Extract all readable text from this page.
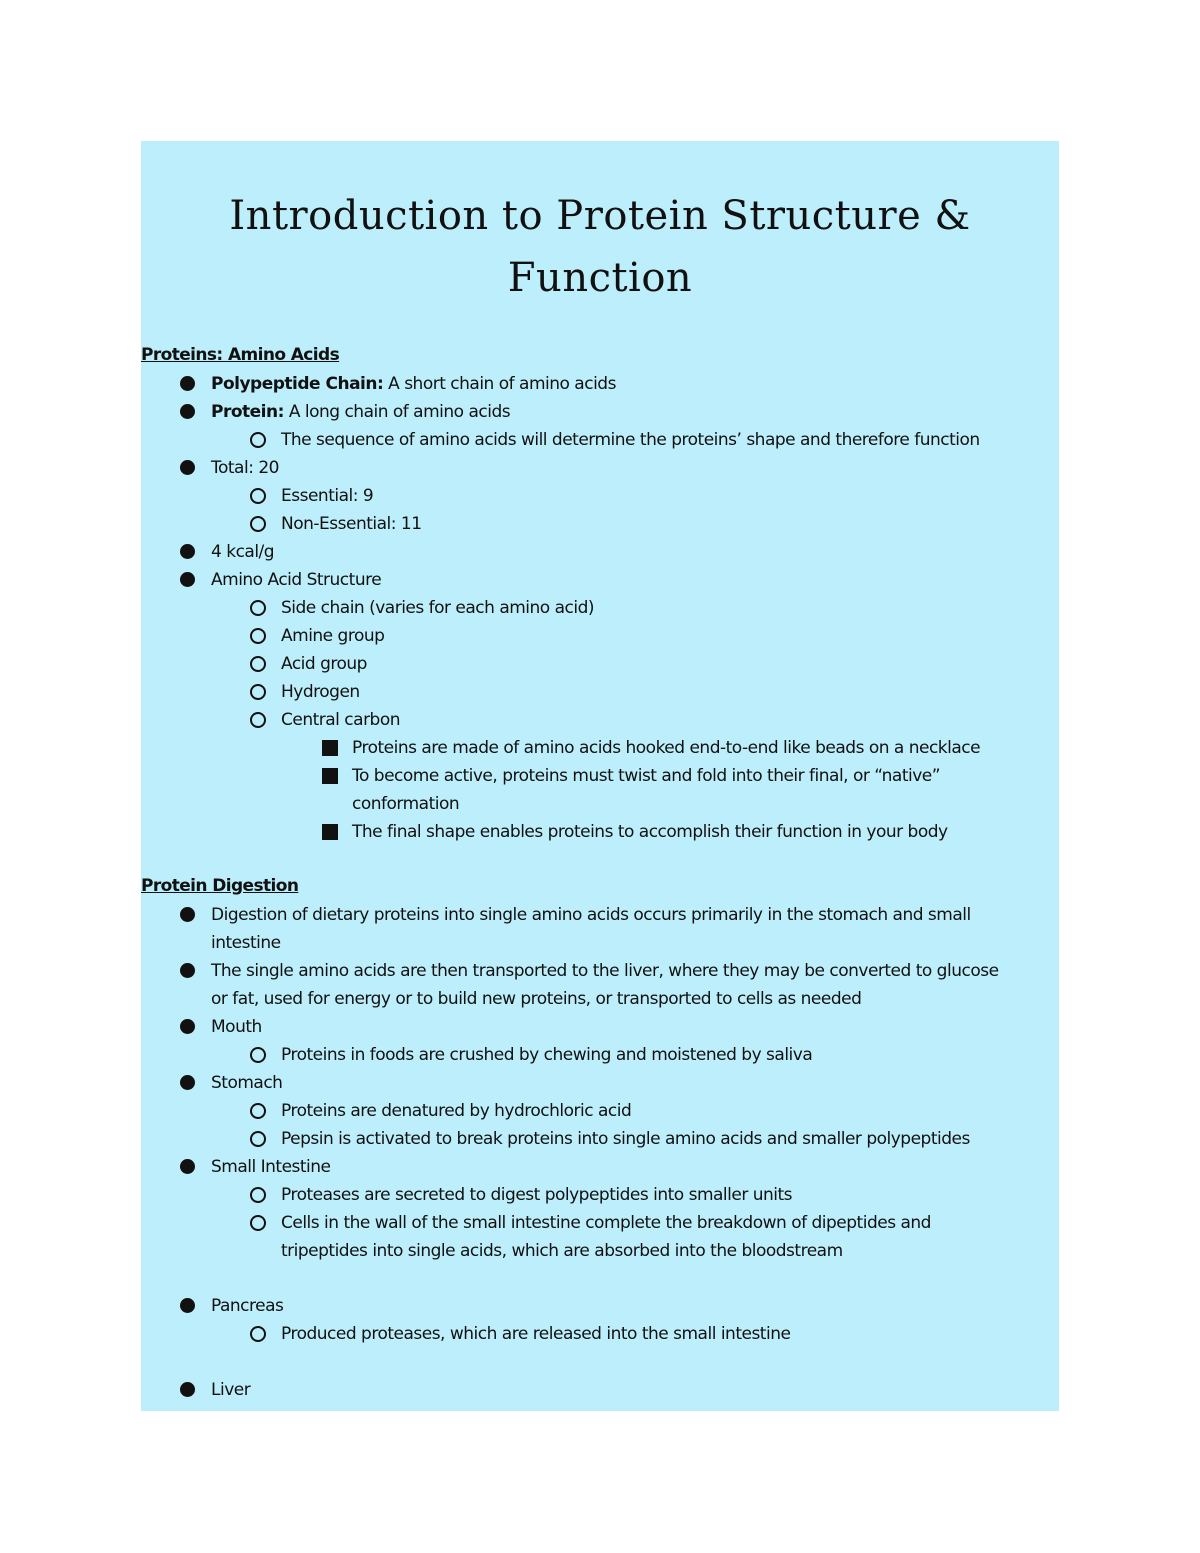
Introduction to Protein Structure &
Function
Proteins: Amino Acids
Polypeptide Chain: A short chain of amino acids
Protein: A long chain of amino acids
The sequence of amino acids will determine the proteins’ shape and therefore function
Total: 20
Essential: 9
Non-Essential: 11
4 kcal/g
Amino Acid Structure
Side chain (varies for each amino acid)
Amine group
Acid group
Hydrogen
Central carbon
Proteins are made of amino acids hooked end-to-end like beads on a necklace
To become active, proteins must twist and fold into their final, or “native”
conformation
The final shape enables proteins to accomplish their function in your body
Protein Digestion
Digestion of dietary proteins into single amino acids occurs primarily in the stomach and small
intestine
The single amino acids are then transported to the liver, where they may be converted to glucose
or fat, used for energy or to build new proteins, or transported to cells as needed
Mouth
Proteins in foods are crushed by chewing and moistened by saliva
Stomach
Proteins are denatured by hydrochloric acid
Pepsin is activated to break proteins into single amino acids and smaller polypeptides
Small Intestine
Proteases are secreted to digest polypeptides into smaller units
Cells in the wall of the small intestine complete the breakdown of dipeptides and
tripeptides into single acids, which are absorbed into the bloodstream
Pancreas
Produced proteases, which are released into the small intestine
Liver
